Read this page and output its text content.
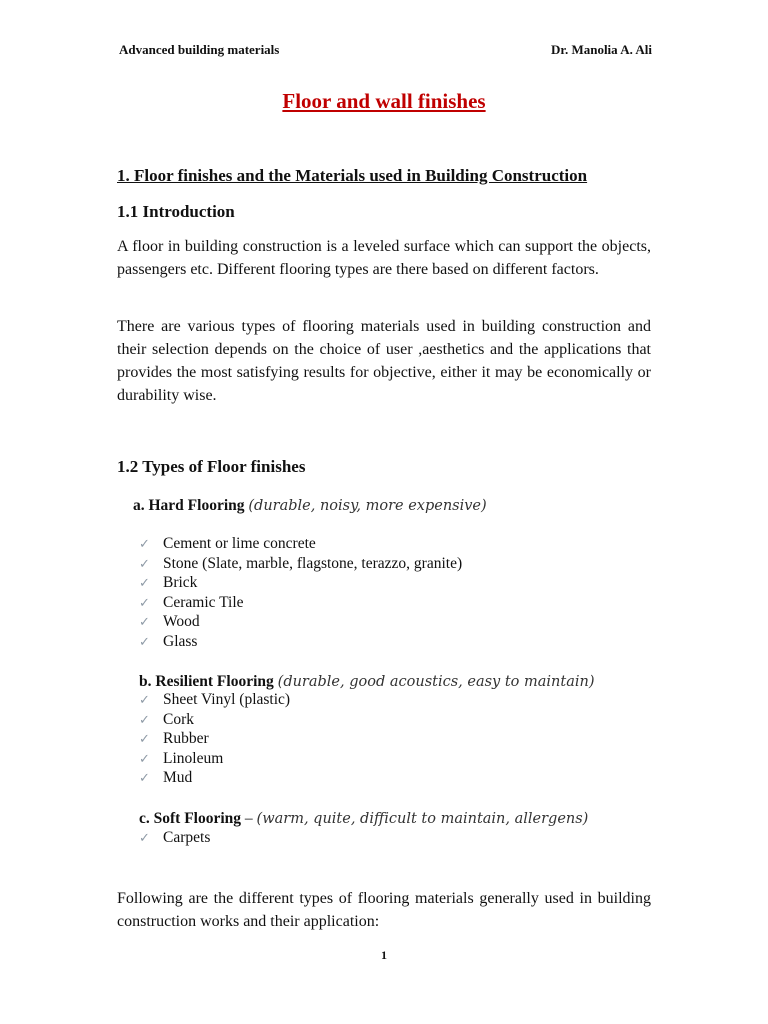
Advanced building materials	Dr. Manolia A. Ali
Floor and wall finishes
1. Floor finishes and the Materials used in Building Construction
1.1 Introduction
A floor in building construction is a leveled surface which can support the objects, passengers etc. Different flooring types are there based on different factors.
There are various types of flooring materials used in building construction and their selection depends on the choice of user ,aesthetics and the applications that provides the most satisfying results for objective, either it may be economically or durability wise.
1.2 Types of Floor finishes
a. Hard Flooring (durable, noisy, more expensive)
✓ Cement or lime concrete
✓ Stone (Slate, marble, flagstone, terazzo, granite)
✓ Brick
✓ Ceramic Tile
✓ Wood
✓ Glass
b. Resilient Flooring (durable, good acoustics, easy to maintain)
✓ Sheet Vinyl (plastic)
✓ Cork
✓ Rubber
✓ Linoleum
✓ Mud
c. Soft Flooring – (warm, quite, difficult to maintain, allergens)
✓ Carpets
Following are the different types of flooring materials generally used in building construction works and their application:
1
